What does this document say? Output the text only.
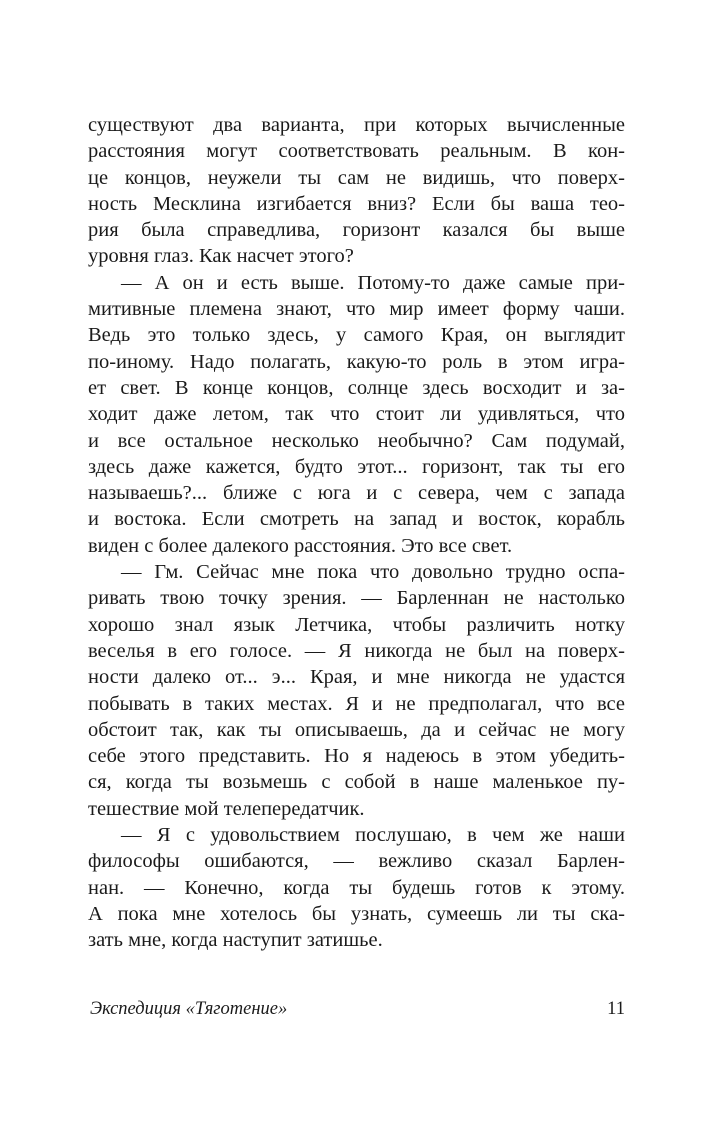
существуют два варианта, при которых вычисленные
расстояния могут соответствовать реальным. В кон-
це концов, неужели ты сам не видишь, что поверх-
ность Месклина изгибается вниз? Если бы ваша тео-
рия была справедлива, горизонт казался бы выше
уровня глаз. Как насчет этого?
— А он и есть выше. Потому-то даже самые при-
митивные племена знают, что мир имеет форму чаши.
Ведь это только здесь, у самого Края, он выглядит
по-иному. Надо полагать, какую-то роль в этом игра-
ет свет. В конце концов, солнце здесь восходит и за-
ходит даже летом, так что стоит ли удивляться, что
и все остальное несколько необычно? Сам подумай,
здесь даже кажется, будто этот... горизонт, так ты его
называешь?... ближе с юга и с севера, чем с запада
и востока. Если смотреть на запад и восток, корабль
виден с более далекого расстояния. Это все свет.
— Гм. Сейчас мне пока что довольно трудно оспа-
ривать твою точку зрения. — Барленнан не настолько
хорошо знал язык Летчика, чтобы различить нотку
веселья в его голосе. — Я никогда не был на поверх-
ности далеко от... э... Края, и мне никогда не удастся
побывать в таких местах. Я и не предполагал, что все
обстоит так, как ты описываешь, да и сейчас не могу
себе этого представить. Но я надеюсь в этом убедить-
ся, когда ты возьмешь с собой в наше маленькое пу-
тешествие мой телепередатчик.
— Я с удовольствием послушаю, в чем же наши
философы ошибаются, — вежливо сказал Барлен-
нан. — Конечно, когда ты будешь готов к этому.
А пока мне хотелось бы узнать, сумеешь ли ты ска-
зать мне, когда наступит затишье.
Экспедиция «Тяготение»	11
